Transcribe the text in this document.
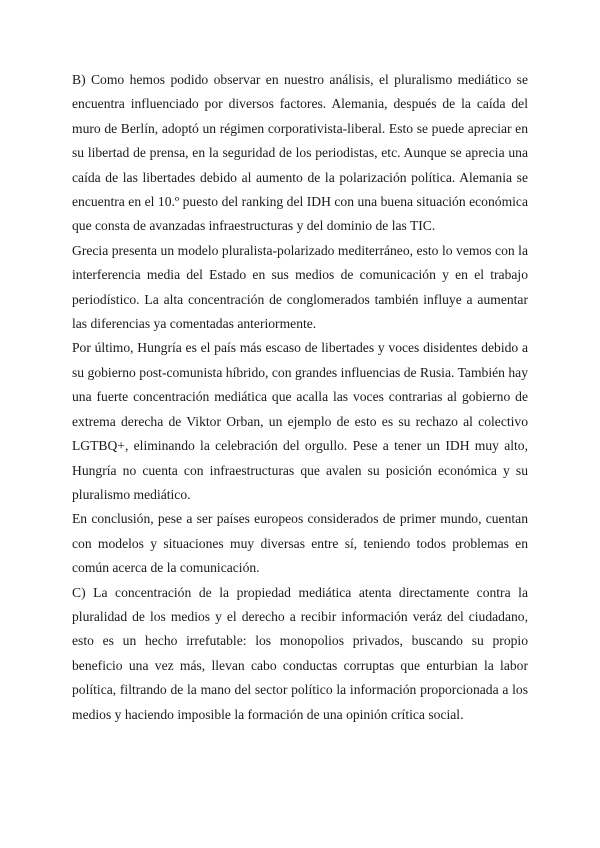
B) Como hemos podido observar en nuestro análisis, el pluralismo mediático se encuentra influenciado por diversos factores. Alemania, después de la caída del muro de Berlín, adoptó un régimen corporativista-liberal. Esto se puede apreciar en su libertad de prensa, en la seguridad de los periodistas, etc. Aunque se aprecia una caída de las libertades debido al aumento de la polarización política. Alemania se encuentra en el 10.º puesto del ranking del IDH con una buena situación económica que consta de avanzadas infraestructuras y del dominio de las TIC.

Grecia presenta un modelo pluralista-polarizado mediterráneo, esto lo vemos con la interferencia media del Estado en sus medios de comunicación y en el trabajo periodístico. La alta concentración de conglomerados también influye a aumentar las diferencias ya comentadas anteriormente.

Por último, Hungría es el país más escaso de libertades y voces disidentes debido a su gobierno post-comunista híbrido, con grandes influencias de Rusia. También hay una fuerte concentración mediática que acalla las voces contrarias al gobierno de extrema derecha de Viktor Orban, un ejemplo de esto es su rechazo al colectivo LGTBQ+, eliminando la celebración del orgullo. Pese a tener un IDH muy alto, Hungría no cuenta con infraestructuras que avalen su posición económica y su pluralismo mediático.

En conclusión, pese a ser países europeos considerados de primer mundo, cuentan con modelos y situaciones muy diversas entre sí, teniendo todos problemas en común acerca de la comunicación.

C) La concentración de la propiedad mediática atenta directamente contra la pluralidad de los medios y el derecho a recibir información veráz del ciudadano, esto es un hecho irrefutable: los monopolios privados, buscando su propio beneficio una vez más, llevan cabo conductas corruptas que enturbian la labor política, filtrando de la mano del sector político la información proporcionada a los medios y haciendo imposible la formación de una opinión crítica social.
